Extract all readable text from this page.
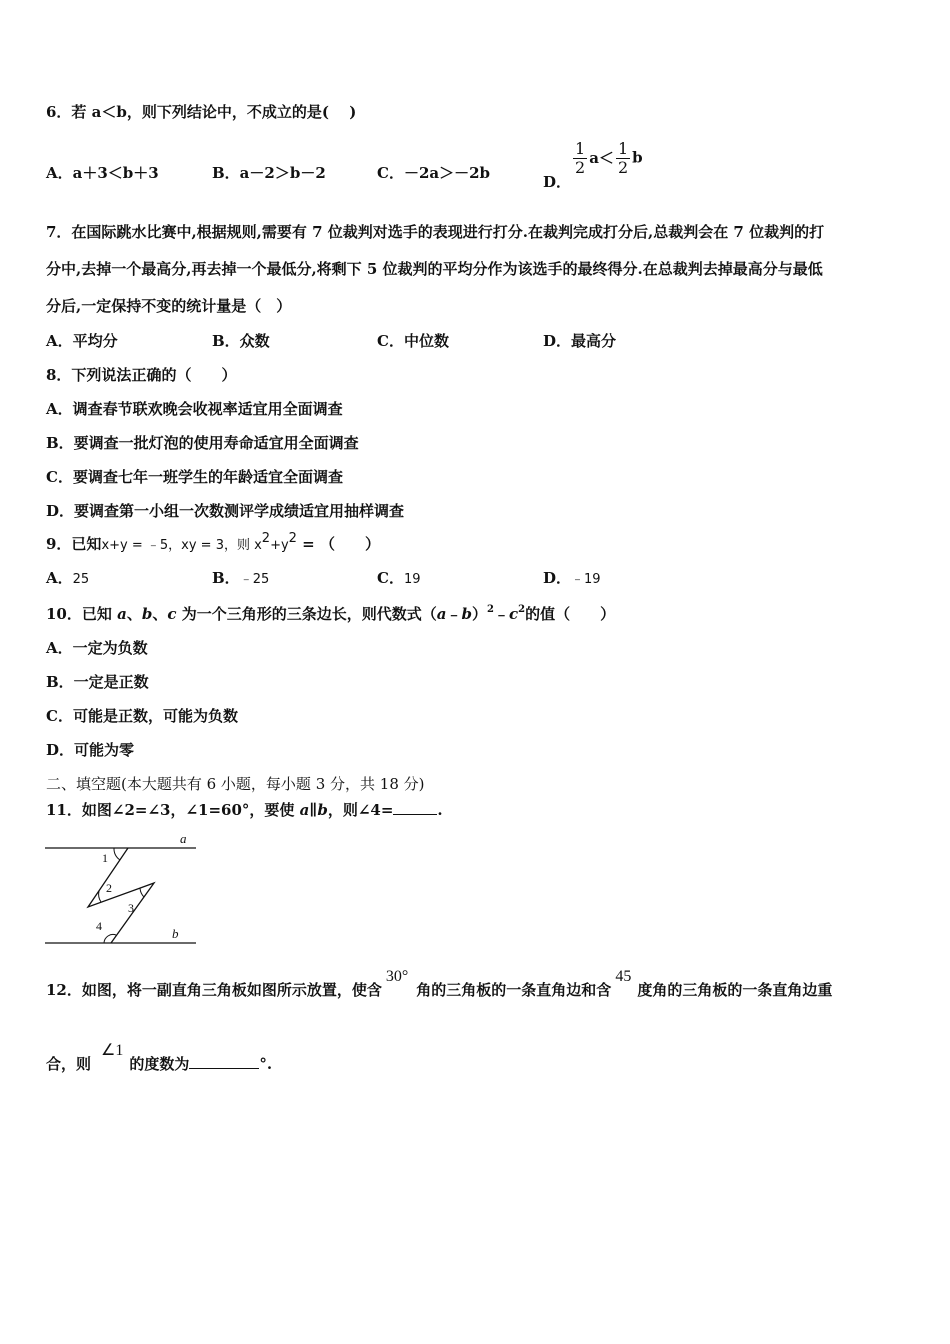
6．若 a＜b，则下列结论中，不成立的是(　 )
A．a＋3＜b＋3	B．a－2＞b－2	C．－2a＞－2b	D．
$\frac{1}{2} a< \frac{1}{2}$ b
7．在国际跳水比赛中,根据规则,需要有 7 位裁判对选手的表现进行打分.在裁判完成打分后,总裁判会在 7 位裁判的打
分中,去掉一个最高分,再去掉一个最低分,将剩下 5 位裁判的平均分作为该选手的最终得分.在总裁判去掉最高分与最低
分后,一定保持不变的统计量是（　）
A．平均分	B．众数	C．中位数	D．最高分
8．下列说法正确的（　　）
A．调查春节联欢晚会收视率适宜用全面调查
B．要调查一批灯泡的使用寿命适宜用全面调查
C．要调查七年一班学生的年龄适宜全面调查
D．要调查第一小组一次数测评学成绩适宜用抽样调查
9．已知x+y = ﹣5，xy = 3，则 x2+y2 = （　　）
A．25	B．﹣25	C．19	D．﹣19
10．已知 a、b、c 为一个三角形的三条边长，则代数式$(a﹣b)^2﹣c^2$的值（　　）
A．一定为负数
B．一定是正数
C．可能是正数，可能为负数
D．可能为零
二、填空题(本大题共有 6 小题，每小题 3 分，共 18 分)
11．如图∠2=∠3，∠1=60°，要使 a∥b，则∠4=	.
a
b
1
2
3
4
12．如图，将一副直角三角板如图所示放置，使含30°角的三角板的一条直角边和含45度角的三角板的一条直角边重
合，则∠1的度数为	°.
